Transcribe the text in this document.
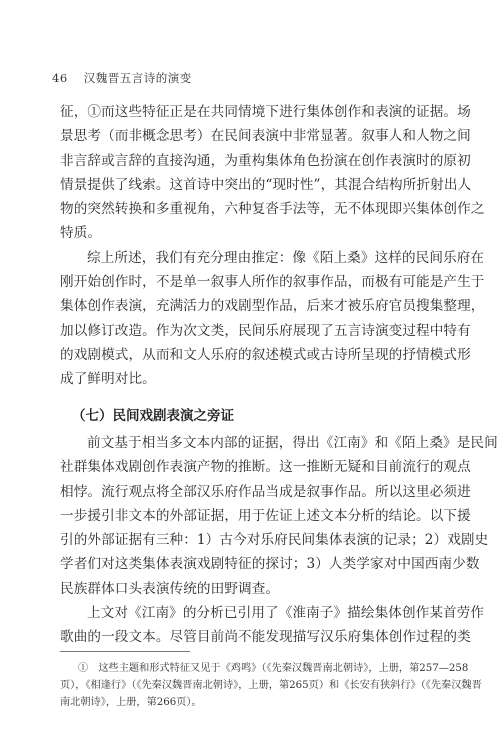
46 汉魏晋五言诗的演变
征，①而这些特征正是在共同情境下进行集体创作和表演的证据。场
景思考（而非概念思考）在民间表演中非常显著。叙事人和人物之间
非言辞或言辞的直接沟通，为重构集体角色扮演在创作表演时的原初
情景提供了线索。这首诗中突出的“现时性”，其混合结构所折射出人
物的突然转换和多重视角，六种复沓手法等，无不体现即兴集体创作之
特质。
综上所述，我们有充分理由推定：像《陌上桑》这样的民间乐府在
刚开始创作时，不是单一叙事人所作的叙事作品，而极有可能是产生于
集体创作表演，充满活力的戏剧型作品，后来才被乐府官员搜集整理，
加以修订改造。作为次文类，民间乐府展现了五言诗演变过程中特有
的戏剧模式，从而和文人乐府的叙述模式或古诗所呈现的抒情模式形
成了鲜明对比。
（七）民间戏剧表演之旁证
前文基于相当多文本内部的证据，得出《江南》和《陌上桑》是民间
社群集体戏剧创作表演产物的推断。这一推断无疑和目前流行的观点
相悖。流行观点将全部汉乐府作品当成是叙事作品。所以这里必须进
一步援引非文本的外部证据，用于佐证上述文本分析的结论。以下援
引的外部证据有三种：1）古今对乐府民间集体表演的记录；2）戏剧史
学者们对这类集体表演戏剧特征的探讨；3）人类学家对中国西南少数
民族群体口头表演传统的田野调查。
上文对《江南》的分析已引用了《淮南子》描绘集体创作某首劳作
歌曲的一段文本。尽管目前尚不能发现描写汉乐府集体创作过程的类
①　这些主题和形式特征又见于《鸡鸣》（《先秦汉魏晋南北朝诗》，上册，第257—258
页），《相逢行》（《先秦汉魏晋南北朝诗》，上册，第265页）和《长安有狭斜行》（《先秦汉魏晋
南北朝诗》，上册，第266页）。
